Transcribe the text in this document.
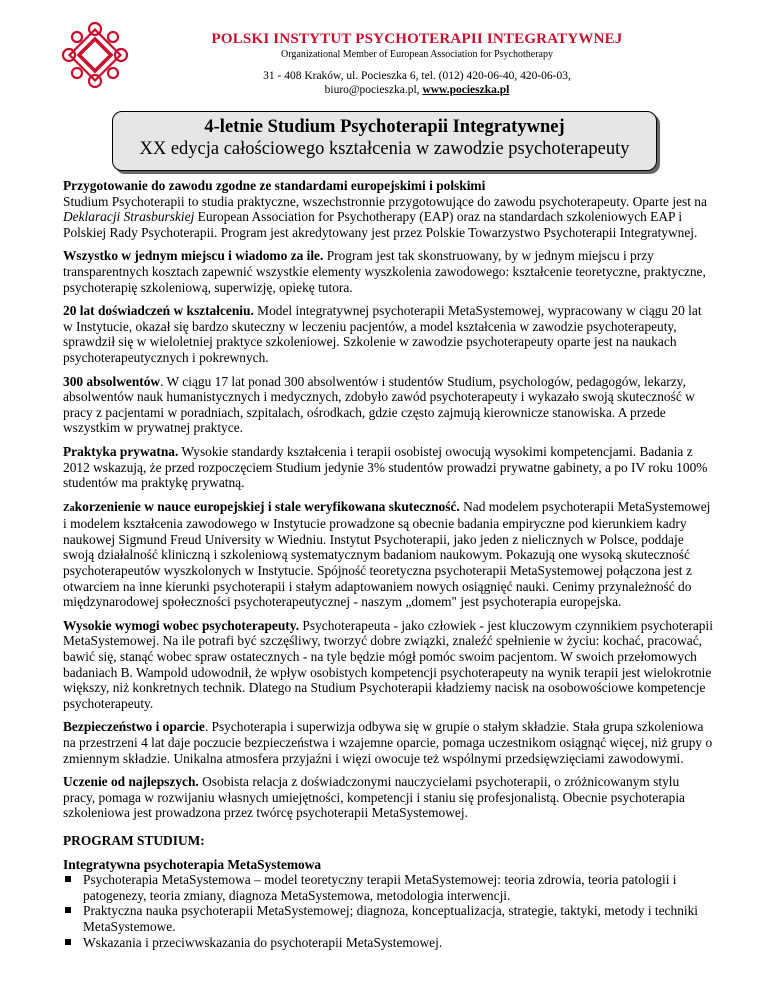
POLSKI INSTYTUT PSYCHOTERAPII INTEGRATYWNEJ
Organizational Member of European Association for Psychotherapy
31 - 408 Kraków, ul. Pocieszka 6, tel. (012) 420-06-40, 420-06-03,
biuro@pocieszka.pl, www.pocieszka.pl
4-letnie Studium Psychoterapii Integratywnej
XX edycja całościowego kształcenia w zawodzie psychoterapeuty

Przygotowanie do zawodu zgodne ze standardami europejskimi i polskimi
Studium Psychoterapii to studia praktyczne, wszechstronnie przygotowujące do zawodu psychoterapeuty. Oparte jest na Deklaracji Strasburskiej European Association for Psychotherapy (EAP) oraz na standardach szkoleniowych EAP i Polskiej Rady Psychoterapii. Program jest akredytowany jest przez Polskie Towarzystwo Psychoterapii Integratywnej.

Wszystko w jednym miejscu i wiadomo za ile. Program jest tak skonstruowany, by w jednym miejscu i przy transparentnych kosztach zapewnić wszystkie elementy wyszkolenia zawodowego: kształcenie teoretyczne, praktyczne, psychoterapię szkoleniową, superwizję, opiekę tutora.

20 lat doświadczeń w kształceniu. Model integratywnej psychoterapii MetaSystemowej, wypracowany w ciągu 20 lat w Instytucie, okazał się bardzo skuteczny w leczeniu pacjentów, a model kształcenia w zawodzie psychoterapeuty, sprawdził się w wieloletniej praktyce szkoleniowej. Szkolenie w zawodzie psychoterapeuty oparte jest na naukach psychoterapeutycznych i pokrewnych.

300 absolwentów. W ciągu 17 lat ponad 300 absolwentów i studentów Studium, psychologów, pedagogów, lekarzy, absolwentów nauk humanistycznych i medycznych, zdobyło zawód psychoterapeuty i wykazało swoją skuteczność w pracy z pacjentami w poradniach, szpitalach, ośrodkach, gdzie często zajmują kierownicze stanowiska. A przede wszystkim w prywatnej praktyce.

Praktyka prywatna. Wysokie standardy kształcenia i terapii osobistej owocują wysokimi kompetencjami. Badania z 2012 wskazują, że przed rozpoczęciem Studium jedynie 3% studentów prowadzi prywatne gabinety, a po IV roku 100% studentów ma praktykę prywatną.

Zakorzenienie w nauce europejskiej i stale weryfikowana skuteczność. Nad modelem psychoterapii MetaSystemowej i modelem kształcenia zawodowego w Instytucie prowadzone są obecnie badania empiryczne pod kierunkiem kadry naukowej Sigmund Freud University w Wiedniu. Instytut Psychoterapii, jako jeden z nielicznych w Polsce, poddaje swoją działalność kliniczną i szkoleniową systematycznym badaniom naukowym. Pokazują one wysoką skuteczność psychoterapeutów wyszkolonych w Instytucie. Spójność teoretyczna psychoterapii MetaSystemowej połączona jest z otwarciem na inne kierunki psychoterapii i stałym adaptowaniem nowych osiągnięć nauki. Cenimy przynależność do międzynarodowej społeczności psychoterapeutycznej - naszym „domem" jest psychoterapia europejska.

Wysokie wymogi wobec psychoterapeuty. Psychoterapeuta - jako człowiek - jest kluczowym czynnikiem psychoterapii MetaSystemowej. Na ile potrafi być szczęśliwy, tworzyć dobre związki, znaleźć spełnienie w życiu: kochać, pracować, bawić się, stanąć wobec spraw ostatecznych - na tyle będzie mógł pomóc swoim pacjentom. W swoich przełomowych badaniach B. Wampold udowodnił, że wpływ osobistych kompetencji psychoterapeuty na wynik terapii jest wielokrotnie większy, niż konkretnych technik. Dlatego na Studium Psychoterapii kładziemy nacisk na osobowościowe kompetencje psychoterapeuty.

Bezpieczeństwo i oparcie. Psychoterapia i superwizja odbywa się w grupie o stałym składzie. Stała grupa szkoleniowa na przestrzeni 4 lat daje poczucie bezpieczeństwa i wzajemne oparcie, pomaga uczestnikom osiągnąć więcej, niż grupy o zmiennym składzie. Unikalna atmosfera przyjaźni i więzi owocuje też wspólnymi przedsięwzięciami zawodowymi.

Uczenie od najlepszych. Osobista relacja z doświadczonymi nauczycielami psychoterapii, o zróżnicowanym stylu pracy, pomaga w rozwijaniu własnych umiejętności, kompetencji i staniu się profesjonalistą. Obecnie psychoterapia szkoleniowa jest prowadzona przez twórcę psychoterapii MetaSystemowej.

PROGRAM STUDIUM:
Integratywna psychoterapia MetaSystemowa
Psychoterapia MetaSystemowa – model teoretyczny terapii MetaSystemowej: teoria zdrowia, teoria patologii i patogenezy, teoria zmiany, diagnoza MetaSystemowa, metodologia interwencji.
Praktyczna nauka psychoterapii MetaSystemowej; diagnoza, konceptualizacja, strategie, taktyki, metody i techniki MetaSystemowe.
Wskazania i przeciwwskazania do psychoterapii MetaSystemowej.
